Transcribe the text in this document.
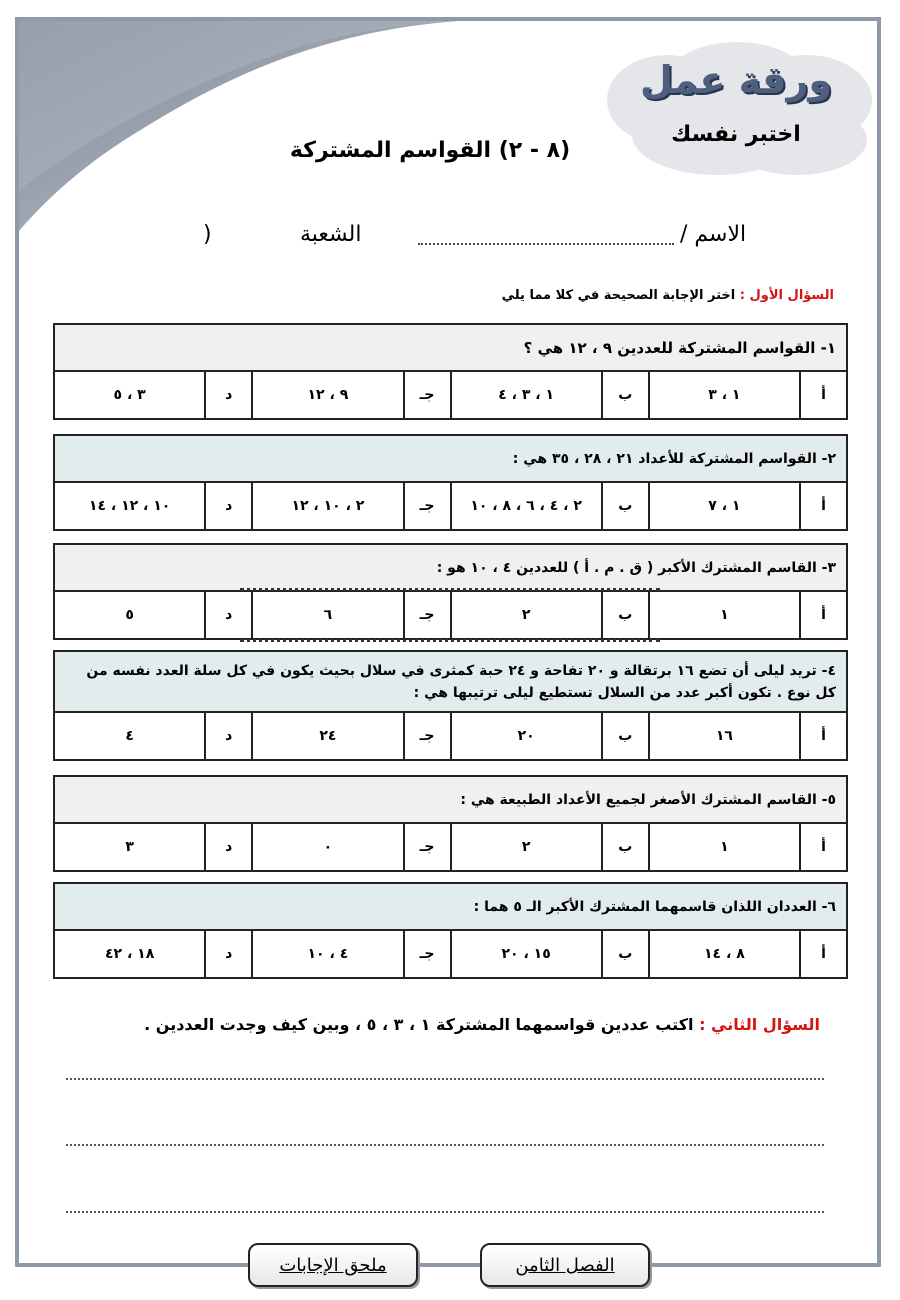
ورقة عمل
اختبر نفسك
(٨ - ٢) القواسم المشتركة
الاسم /
الشعبة
)
السؤال الأول : اختر الإجابة الصحيحة في كلا مما يلي
١- القواسم المشتركة للعددين ٩ ، ١٢ هي ؟
أ
١ ، ٣
ب
١ ، ٣ ، ٤
جـ
٩ ، ١٢
د
٣ ، ٥
٢- القواسم المشتركة للأعداد ٢١ ، ٢٨ ، ٣٥ هي :
أ
١ ، ٧
ب
٢ ، ٤ ، ٦ ، ٨ ، ١٠
جـ
٢ ، ١٠ ، ١٢
د
١٠ ، ١٢ ، ١٤
٣- القاسم المشترك الأكبر ( ق . م . أ ) للعددين ٤ ، ١٠ هو :
أ
١
ب
٢
جـ
٦
د
٥
٤- تريد ليلى أن تضع ١٦ برتقالة و ٢٠ تفاحة و ٢٤ حبة كمثرى في سلال بحيث يكون في كل سلة العدد نفسه من كل نوع . تكون أكبر عدد من السلال تستطيع ليلى ترتيبها هي :
أ
١٦
ب
٢٠
جـ
٢٤
د
٤
٥- القاسم المشترك الأصغر لجميع الأعداد الطبيعة هي :
أ
١
ب
٢
جـ
٠
د
٣
٦- العددان اللذان قاسمهما المشترك الأكبر الـ ٥ هما :
أ
٨ ، ١٤
ب
١٥ ، ٢٠
جـ
٤ ، ١٠
د
١٨ ، ٤٢
السؤال الثاني : اكتب عددين قواسمهما المشتركة ١ ، ٣ ، ٥ ، وبين كيف وجدت العددين .
ملحق الإجابات	الفصل الثامن
